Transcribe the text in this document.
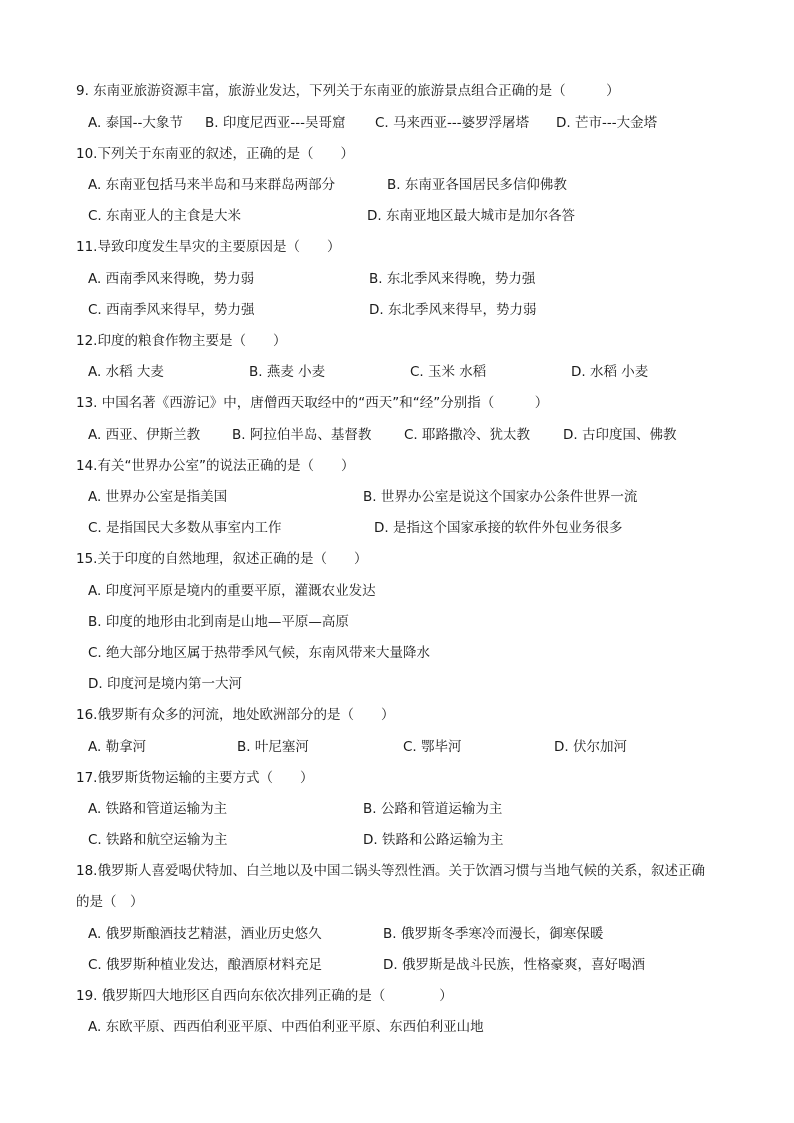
9. 东南亚旅游资源丰富，旅游业发达，下列关于东南亚的旅游景点组合正确的是（　　　）
A. 泰国--大象节 B. 印度尼西亚---吴哥窟 C. 马来西亚---婆罗浮屠塔 D. 芒市---大金塔
10.下列关于东南亚的叙述，正确的是（　　）
A. 东南亚包括马来半岛和马来群岛两部分	B. 东南亚各国居民多信仰佛教
C. 东南亚人的主食是大米	D. 东南亚地区最大城市是加尔各答
11.导致印度发生旱灾的主要原因是（　　）
A. 西南季风来得晚，势力弱	B. 东北季风来得晚，势力强
C. 西南季风来得早，势力强	D. 东北季风来得早，势力弱
12.印度的粮食作物主要是（　　）
A. 水稻 大麦	B. 燕麦 小麦	C. 玉米 水稻	D. 水稻 小麦
13. 中国名著《西游记》中，唐僧西天取经中的“西天”和“经”分别指（　　　）
A. 西亚、伊斯兰教 B. 阿拉伯半岛、基督教 C. 耶路撒冷、犹太教 D. 古印度国、佛教
14.有关“世界办公室”的说法正确的是（　　）
A. 世界办公室是指美国	B. 世界办公室是说这个国家办公条件世界一流
C. 是指国民大多数从事室内工作	D. 是指这个国家承接的软件外包业务很多
15.关于印度的自然地理，叙述正确的是（　　）
A. 印度河平原是境内的重要平原，灌溉农业发达
B. 印度的地形由北到南是山地—平原—高原
C. 绝大部分地区属于热带季风气候，东南风带来大量降水
D. 印度河是境内第一大河
16.俄罗斯有众多的河流，地处欧洲部分的是（　　）
A. 勒拿河	B. 叶尼塞河	C. 鄂毕河	D. 伏尔加河
17.俄罗斯货物运输的主要方式（　　）
A. 铁路和管道运输为主	B. 公路和管道运输为主
C. 铁路和航空运输为主	D. 铁路和公路运输为主
18.俄罗斯人喜爱喝伏特加、白兰地以及中国二锅头等烈性酒。关于饮酒习惯与当地气候的关系，叙述正确
的是（　）
A. 俄罗斯酿酒技艺精湛，酒业历史悠久	B. 俄罗斯冬季寒冷而漫长，御寒保暖
C. 俄罗斯种植业发达，酿酒原材料充足	D. 俄罗斯是战斗民族，性格豪爽，喜好喝酒
19. 俄罗斯四大地形区自西向东依次排列正确的是（　　　　）
A. 东欧平原、西西伯利亚平原、中西伯利亚平原、东西伯利亚山地
